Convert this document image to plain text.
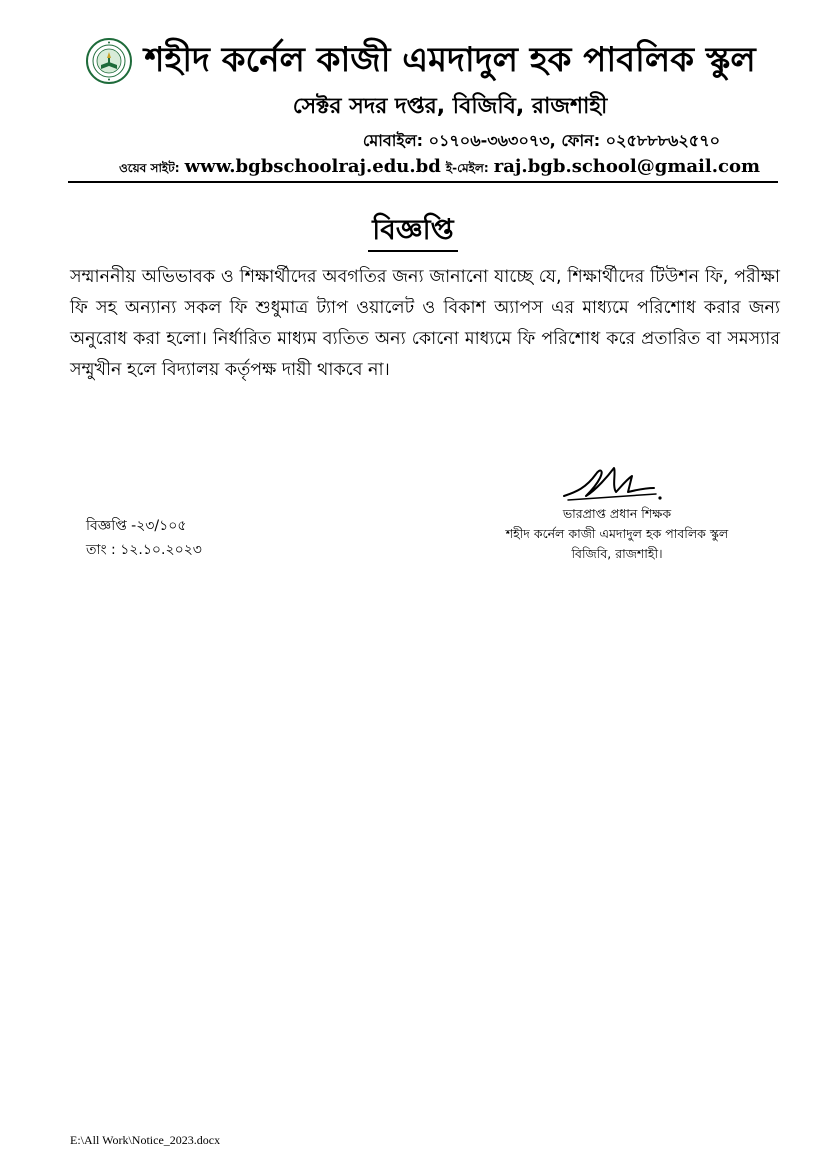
শহীদ কর্নেল কাজী এমদাদুল হক পাবলিক স্কুল
সেক্টর সদর দপ্তর, বিজিবি, রাজশাহী
মোবাইল: ০১৭০৬-৩৬৩০৭৩, ফোন: ০২৫৮৮৮৬২৫৭০
ওয়েব সাইট: www.bgbschoolraj.edu.bd ই-মেইল: raj.bgb.school@gmail.com
বিজ্ঞপ্তি
সম্মাননীয় অভিভাবক ও শিক্ষার্থীদের অবগতির জন্য জানানো যাচ্ছে যে, শিক্ষার্থীদের টিউশন ফি, পরীক্ষা ফি সহ অন্যান্য সকল ফি শুধুমাত্র ট্যাপ ওয়ালেট ও বিকাশ অ্যাপস এর মাধ্যমে পরিশোধ করার জন্য অনুরোধ করা হলো। নির্ধারিত মাধ্যম ব্যতিত অন্য কোনো মাধ্যমে ফি পরিশোধ করে প্রতারিত বা সমস্যার সম্মুখীন হলে বিদ্যালয় কর্তৃপক্ষ দায়ী থাকবে না।
ভারপ্রাপ্ত প্রধান শিক্ষক
শহীদ কর্নেল কাজী এমদাদুল হক পাবলিক স্কুল
বিজিবি, রাজশাহী।
বিজ্ঞপ্তি -২৩/১০৫
তাং : ১২.১০.২০২৩
E:\All Work\Notice_2023.docx
